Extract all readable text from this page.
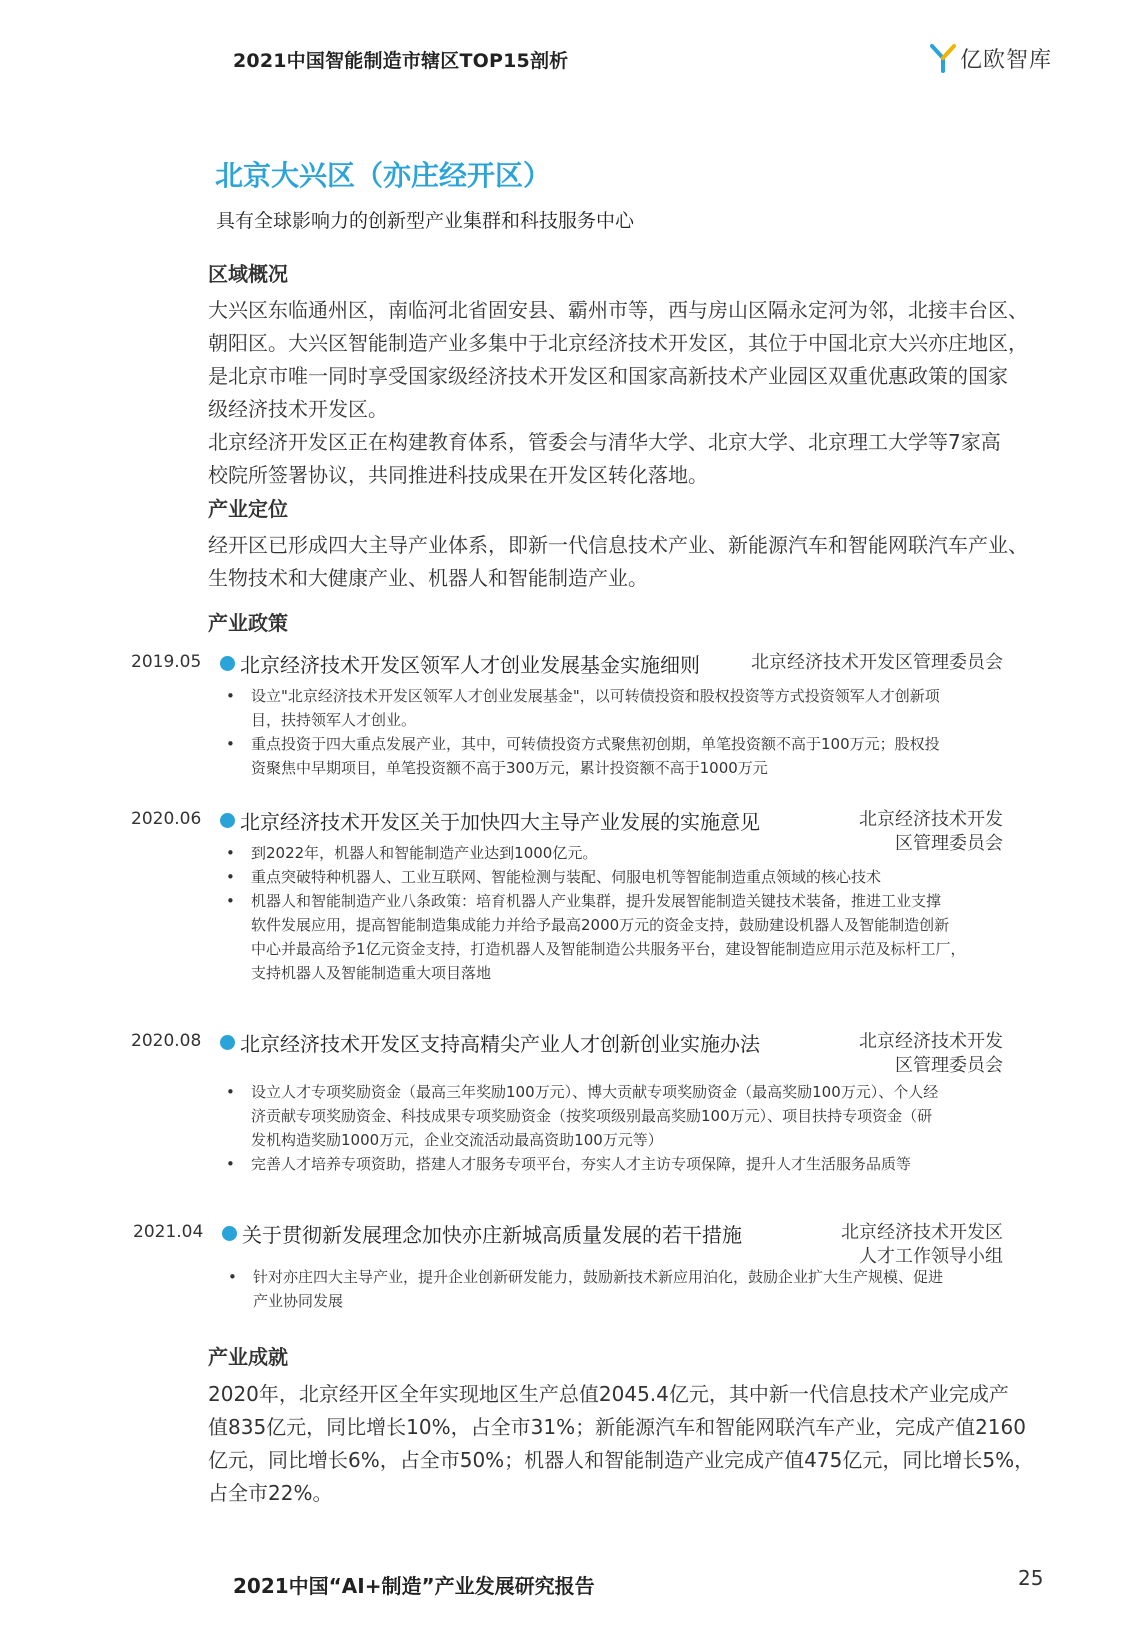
2021中国智能制造市辖区TOP15剖析	亿欧智库
北京大兴区（亦庄经开区）
具有全球影响力的创新型产业集群和科技服务中心
区域概况
大兴区东临通州区，南临河北省固安县、霸州市等，西与房山区隔永定河为邻，北接丰台区、
朝阳区。大兴区智能制造产业多集中于北京经济技术开发区，其位于中国北京大兴亦庄地区，
是北京市唯一同时享受国家级经济技术开发区和国家高新技术产业园区双重优惠政策的国家
级经济技术开发区。
北京经济开发区正在构建教育体系，管委会与清华大学、北京大学、北京理工大学等7家高
校院所签署协议，共同推进科技成果在开发区转化落地。
产业定位
经开区已形成四大主导产业体系，即新一代信息技术产业、新能源汽车和智能网联汽车产业、
生物技术和大健康产业、机器人和智能制造产业。
产业政策
2019.05 北京经济技术开发区领军人才创业发展基金实施细则	北京经济技术开发区管理委员会
• 设立"北京经济技术开发区领军人才创业发展基金"，以可转债投资和股权投资等方式投资领军人才创新项
目，扶持领军人才创业。
• 重点投资于四大重点发展产业，其中，可转债投资方式聚焦初创期，单笔投资额不高于100万元；股权投
资聚焦中早期项目，单笔投资额不高于300万元，累计投资额不高于1000万元
2020.06 北京经济技术开发区关于加快四大主导产业发展的实施意见	北京经济技术开发
区管理委员会
• 到2022年，机器人和智能制造产业达到1000亿元。
• 重点突破特种机器人、工业互联网、智能检测与装配、伺服电机等智能制造重点领域的核心技术
• 机器人和智能制造产业八条政策：培育机器人产业集群，提升发展智能制造关键技术装备，推进工业支撑
软件发展应用，提高智能制造集成能力并给予最高2000万元的资金支持，鼓励建设机器人及智能制造创新
中心并最高给予1亿元资金支持，打造机器人及智能制造公共服务平台，建设智能制造应用示范及标杆工厂，
支持机器人及智能制造重大项目落地
2020.08 北京经济技术开发区支持高精尖产业人才创新创业实施办法	北京经济技术开发
区管理委员会
• 设立人才专项奖励资金（最高三年奖励100万元）、博大贡献专项奖励资金（最高奖励100万元）、个人经
济贡献专项奖励资金、科技成果专项奖励资金（按奖项级别最高奖励100万元）、项目扶持专项资金（研
发机构造奖励1000万元，企业交流活动最高资助100万元等）
• 完善人才培养专项资助，搭建人才服务专项平台，夯实人才主访专项保障，提升人才生活服务品质等
2021.04 关于贯彻新发展理念加快亦庄新城高质量发展的若干措施	北京经济技术开发区
人才工作领导小组
• 针对亦庄四大主导产业，提升企业创新研发能力，鼓励新技术新应用泊化，鼓励企业扩大生产规模、促进
产业协同发展
产业成就
2020年，北京经开区全年实现地区生产总值2045.4亿元，其中新一代信息技术产业完成产
值835亿元，同比增长10%，占全市31%；新能源汽车和智能网联汽车产业，完成产值2160
亿元，同比增长6%，占全市50%；机器人和智能制造产业完成产值475亿元，同比增长5%，
占全市22%。
2021中国“AI+制造”产业发展研究报告	25
